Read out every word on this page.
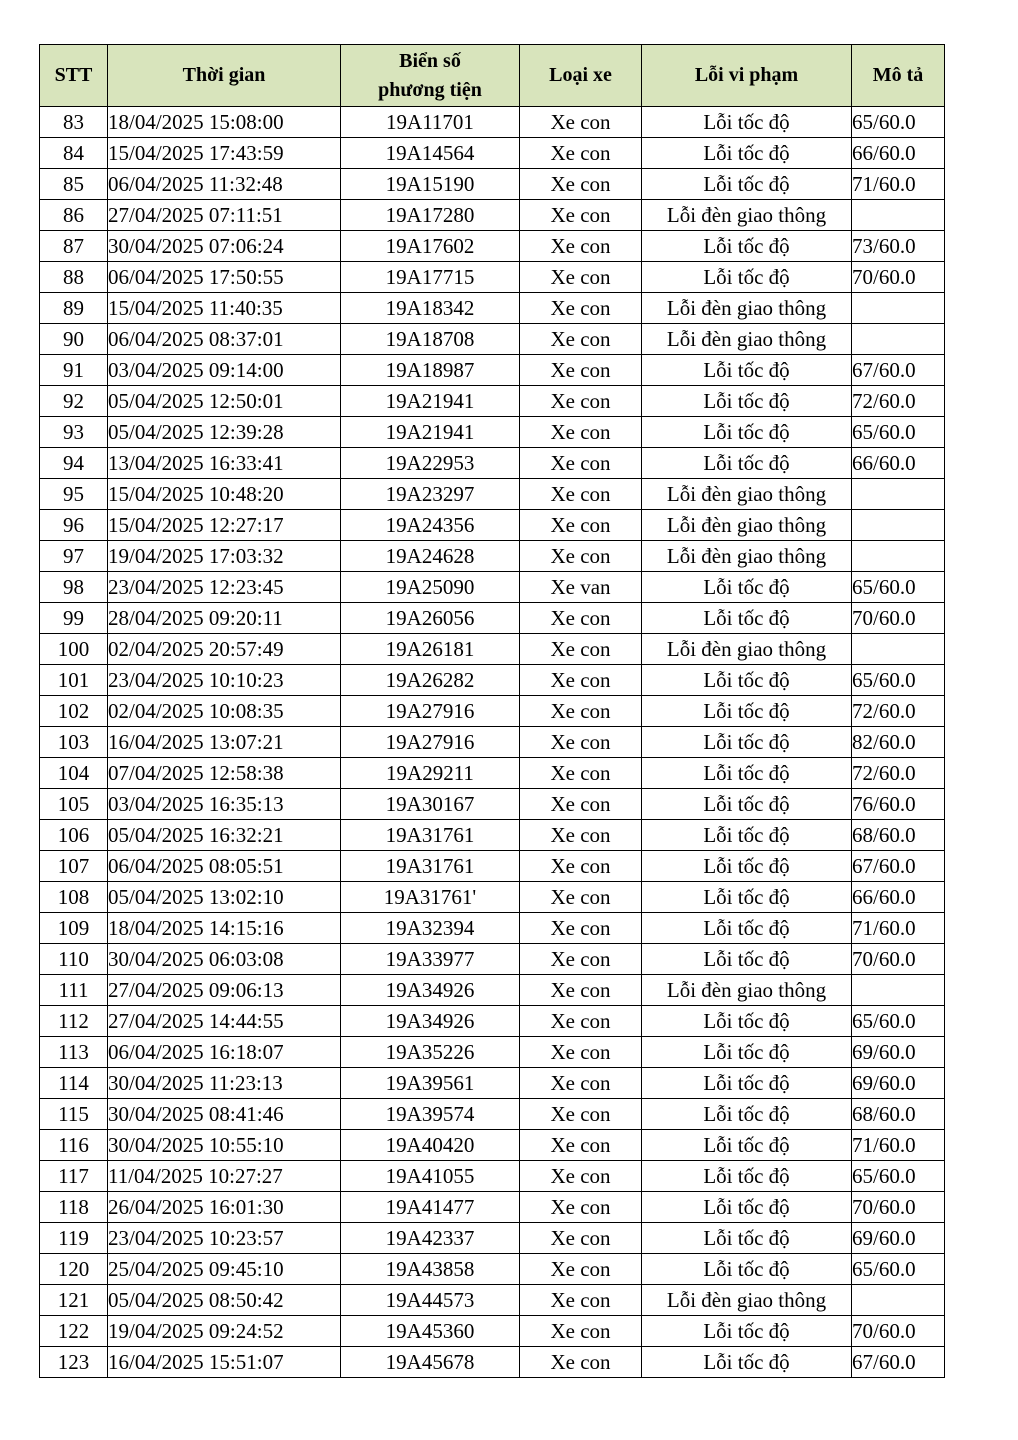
STT	Thời gian	Biển số
phương tiện	Loại xe	Lỗi vi phạm	Mô tả
83	18/04/2025 15:08:00	19A11701	Xe con	Lỗi tốc độ	65/60.0
84	15/04/2025 17:43:59	19A14564	Xe con	Lỗi tốc độ	66/60.0
85	06/04/2025 11:32:48	19A15190	Xe con	Lỗi tốc độ	71/60.0
86	27/04/2025 07:11:51	19A17280	Xe con	Lỗi đèn giao thông	
87	30/04/2025 07:06:24	19A17602	Xe con	Lỗi tốc độ	73/60.0
88	06/04/2025 17:50:55	19A17715	Xe con	Lỗi tốc độ	70/60.0
89	15/04/2025 11:40:35	19A18342	Xe con	Lỗi đèn giao thông	
90	06/04/2025 08:37:01	19A18708	Xe con	Lỗi đèn giao thông	
91	03/04/2025 09:14:00	19A18987	Xe con	Lỗi tốc độ	67/60.0
92	05/04/2025 12:50:01	19A21941	Xe con	Lỗi tốc độ	72/60.0
93	05/04/2025 12:39:28	19A21941	Xe con	Lỗi tốc độ	65/60.0
94	13/04/2025 16:33:41	19A22953	Xe con	Lỗi tốc độ	66/60.0
95	15/04/2025 10:48:20	19A23297	Xe con	Lỗi đèn giao thông	
96	15/04/2025 12:27:17	19A24356	Xe con	Lỗi đèn giao thông	
97	19/04/2025 17:03:32	19A24628	Xe con	Lỗi đèn giao thông	
98	23/04/2025 12:23:45	19A25090	Xe van	Lỗi tốc độ	65/60.0
99	28/04/2025 09:20:11	19A26056	Xe con	Lỗi tốc độ	70/60.0
100	02/04/2025 20:57:49	19A26181	Xe con	Lỗi đèn giao thông	
101	23/04/2025 10:10:23	19A26282	Xe con	Lỗi tốc độ	65/60.0
102	02/04/2025 10:08:35	19A27916	Xe con	Lỗi tốc độ	72/60.0
103	16/04/2025 13:07:21	19A27916	Xe con	Lỗi tốc độ	82/60.0
104	07/04/2025 12:58:38	19A29211	Xe con	Lỗi tốc độ	72/60.0
105	03/04/2025 16:35:13	19A30167	Xe con	Lỗi tốc độ	76/60.0
106	05/04/2025 16:32:21	19A31761	Xe con	Lỗi tốc độ	68/60.0
107	06/04/2025 08:05:51	19A31761	Xe con	Lỗi tốc độ	67/60.0
108	05/04/2025 13:02:10	19A31761'	Xe con	Lỗi tốc độ	66/60.0
109	18/04/2025 14:15:16	19A32394	Xe con	Lỗi tốc độ	71/60.0
110	30/04/2025 06:03:08	19A33977	Xe con	Lỗi tốc độ	70/60.0
111	27/04/2025 09:06:13	19A34926	Xe con	Lỗi đèn giao thông	
112	27/04/2025 14:44:55	19A34926	Xe con	Lỗi tốc độ	65/60.0
113	06/04/2025 16:18:07	19A35226	Xe con	Lỗi tốc độ	69/60.0
114	30/04/2025 11:23:13	19A39561	Xe con	Lỗi tốc độ	69/60.0
115	30/04/2025 08:41:46	19A39574	Xe con	Lỗi tốc độ	68/60.0
116	30/04/2025 10:55:10	19A40420	Xe con	Lỗi tốc độ	71/60.0
117	11/04/2025 10:27:27	19A41055	Xe con	Lỗi tốc độ	65/60.0
118	26/04/2025 16:01:30	19A41477	Xe con	Lỗi tốc độ	70/60.0
119	23/04/2025 10:23:57	19A42337	Xe con	Lỗi tốc độ	69/60.0
120	25/04/2025 09:45:10	19A43858	Xe con	Lỗi tốc độ	65/60.0
121	05/04/2025 08:50:42	19A44573	Xe con	Lỗi đèn giao thông	
122	19/04/2025 09:24:52	19A45360	Xe con	Lỗi tốc độ	70/60.0
123	16/04/2025 15:51:07	19A45678	Xe con	Lỗi tốc độ	67/60.0
